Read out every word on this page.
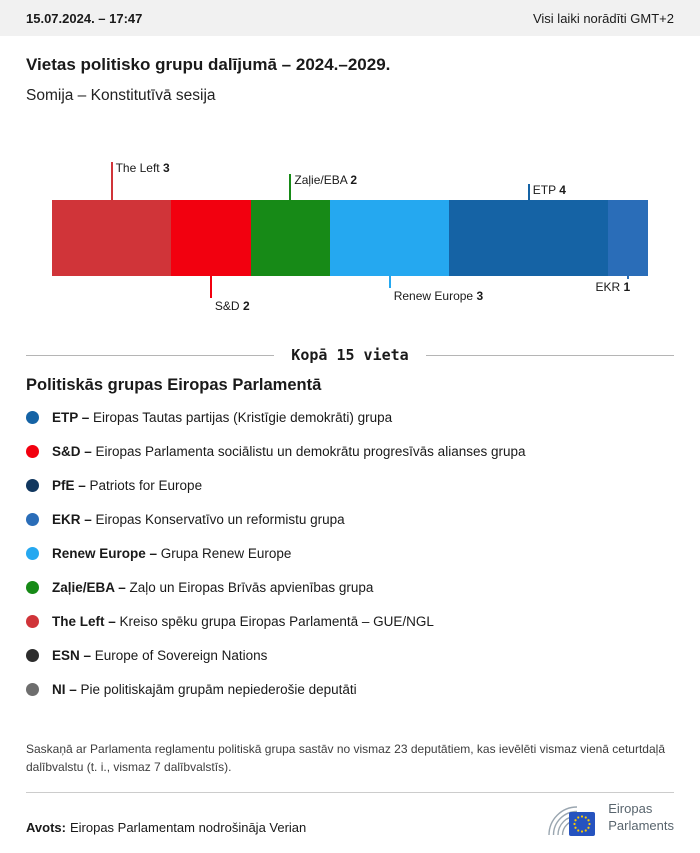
15.07.2024. – 17:47	Visi laiki norādīti GMT+2
Vietas politisko grupu dalījumā – 2024.–2029.
Somija – Konstitutīvā sesija
The Left 3
S&D 2
Zaļie/EBA 2
Renew Europe 3
ETP 4
EKR 1
Kopā 15 vieta
Politiskās grupas Eiropas Parlamentā
ETP – Eiropas Tautas partijas (Kristīgie demokrāti) grupa
S&D – Eiropas Parlamenta sociālistu un demokrātu progresīvās alianses grupa
PfE – Patriots for Europe
EKR – Eiropas Konservatīvo un reformistu grupa
Renew Europe – Grupa Renew Europe
Zaļie/EBA – Zaļo un Eiropas Brīvās apvienības grupa
The Left – Kreiso spēku grupa Eiropas Parlamentā – GUE/NGL
ESN – Europe of Sovereign Nations
NI – Pie politiskajām grupām nepiederošie deputāti
Saskaņā ar Parlamenta reglamentu politiskā grupa sastāv no vismaz 23 deputātiem, kas ievēlēti vismaz vienā ceturtdaļā dalībvalstu (t. i., vismaz 7 dalībvalstīs).
Avots: Eiropas Parlamentam nodrošināja Verian
Eiropas
Parlaments
